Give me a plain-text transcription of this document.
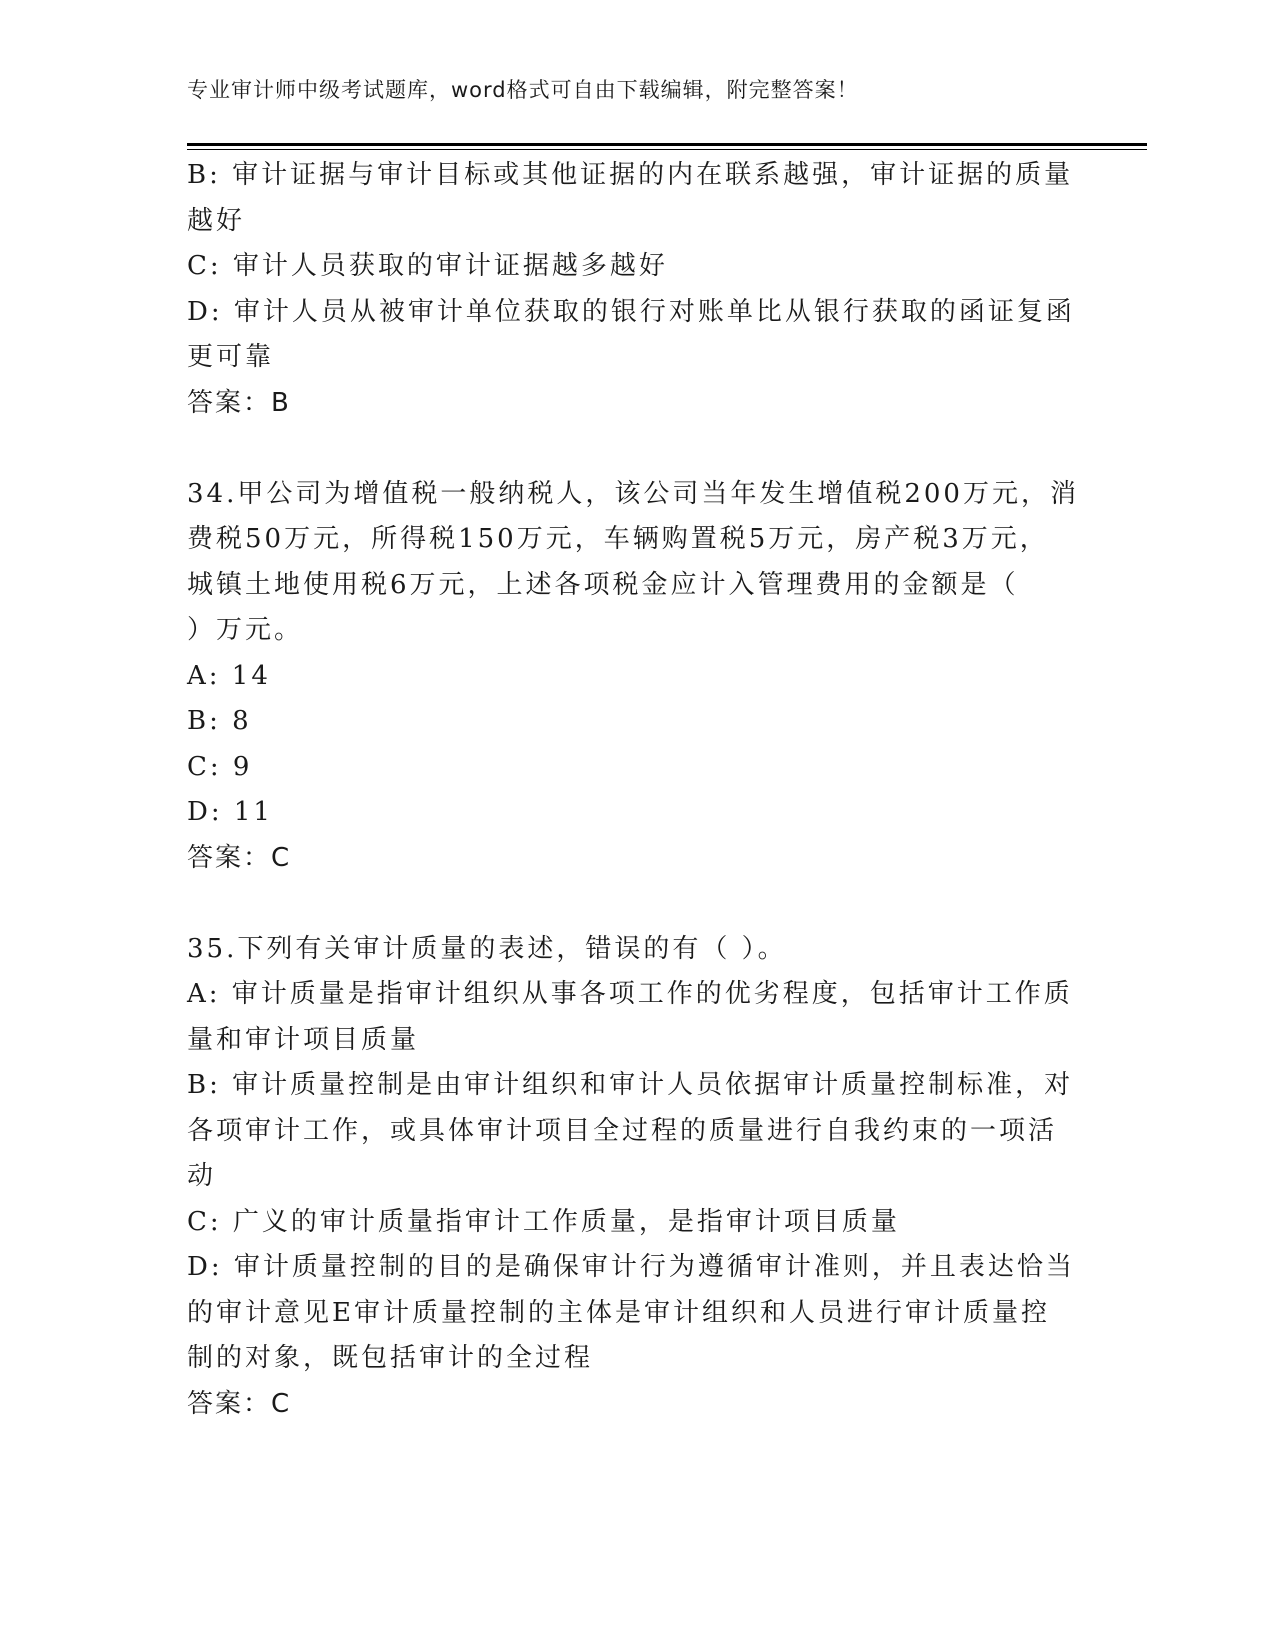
专业审计师中级考试题库，word格式可自由下载编辑，附完整答案！
B: 审计证据与审计目标或其他证据的内在联系越强，审计证据的质量
越好
C: 审计人员获取的审计证据越多越好
D: 审计人员从被审计单位获取的银行对账单比从银行获取的函证复函
更可靠
答案：B
34.甲公司为增值税一般纳税人，该公司当年发生增值税200万元，消
费税50万元，所得税150万元，车辆购置税5万元，房产税3万元，
城镇土地使用税6万元，上述各项税金应计入管理费用的金额是（
）万元。
A: 14
B: 8
C: 9
D: 11
答案：C
35.下列有关审计质量的表述，错误的有（ ）。
A: 审计质量是指审计组织从事各项工作的优劣程度，包括审计工作质
量和审计项目质量
B: 审计质量控制是由审计组织和审计人员依据审计质量控制标准，对
各项审计工作，或具体审计项目全过程的质量进行自我约束的一项活
动
C: 广义的审计质量指审计工作质量，是指审计项目质量
D: 审计质量控制的目的是确保审计行为遵循审计准则，并且表达恰当
的审计意见E审计质量控制的主体是审计组织和人员进行审计质量控
制的对象，既包括审计的全过程
答案：C
